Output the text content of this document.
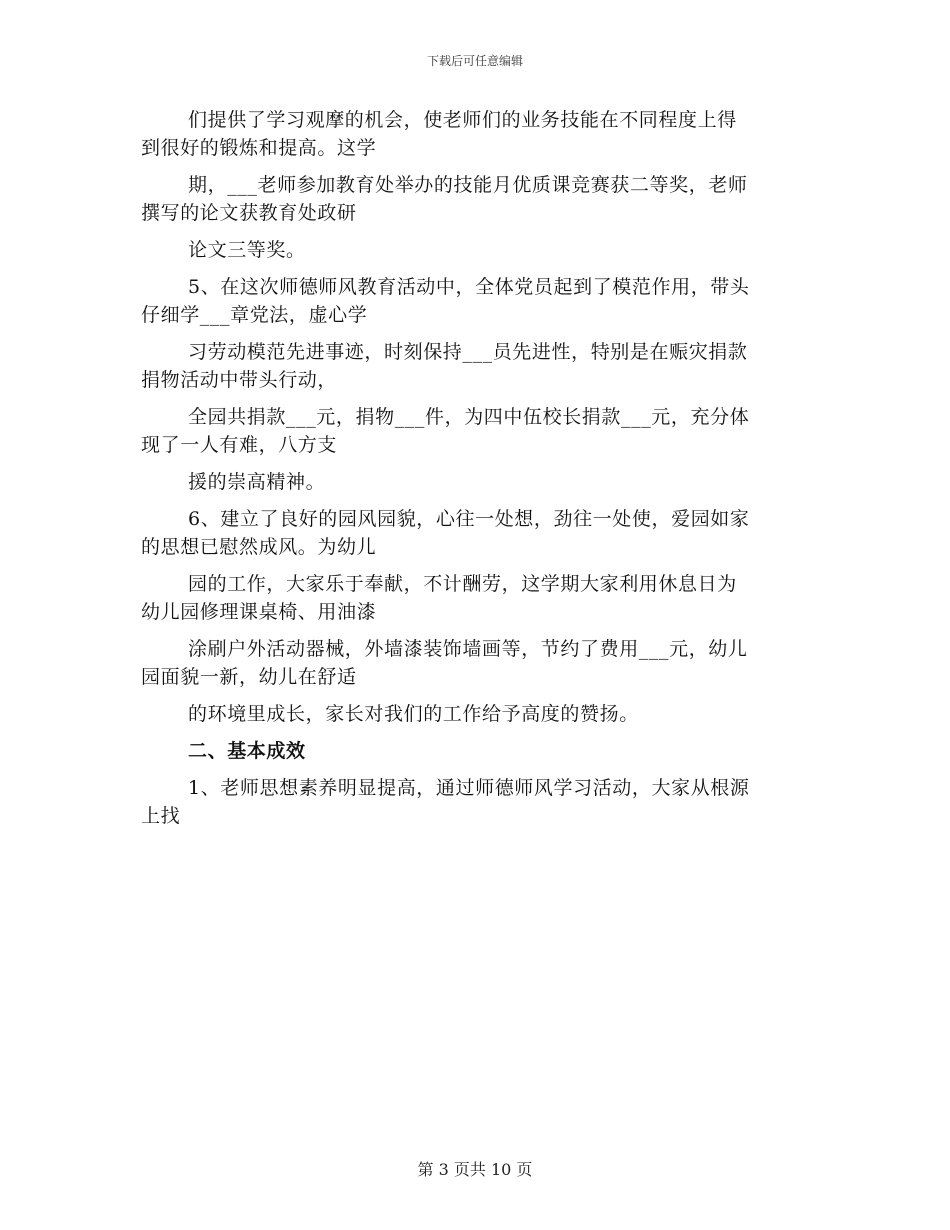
下载后可任意编辑
们提供了学习观摩的机会，使老师们的业务技能在不同程度上得
到很好的锻炼和提高。这学
期，___老师参加教育处举办的技能月优质课竞赛获二等奖，老师
撰写的论文获教育处政研
论文三等奖。
5、在这次师德师风教育活动中，全体党员起到了模范作用，带头
仔细学___章党法，虚心学
习劳动模范先进事迹，时刻保持___员先进性，特别是在赈灾捐款
捐物活动中带头行动，
全园共捐款___元，捐物___件，为四中伍校长捐款___元，充分体
现了一人有难，八方支
援的崇高精神。
6、建立了良好的园风园貌，心往一处想，劲往一处使，爱园如家
的思想已慰然成风。为幼儿
园的工作，大家乐于奉献，不计酬劳，这学期大家利用休息日为
幼儿园修理课桌椅、用油漆
涂刷户外活动器械，外墙漆装饰墙画等，节约了费用___元，幼儿
园面貌一新，幼儿在舒适
的环境里成长，家长对我们的工作给予高度的赞扬。
二、基本成效
1、老师思想素养明显提高，通过师德师风学习活动，大家从根源
上找
第 3 页共 10 页
